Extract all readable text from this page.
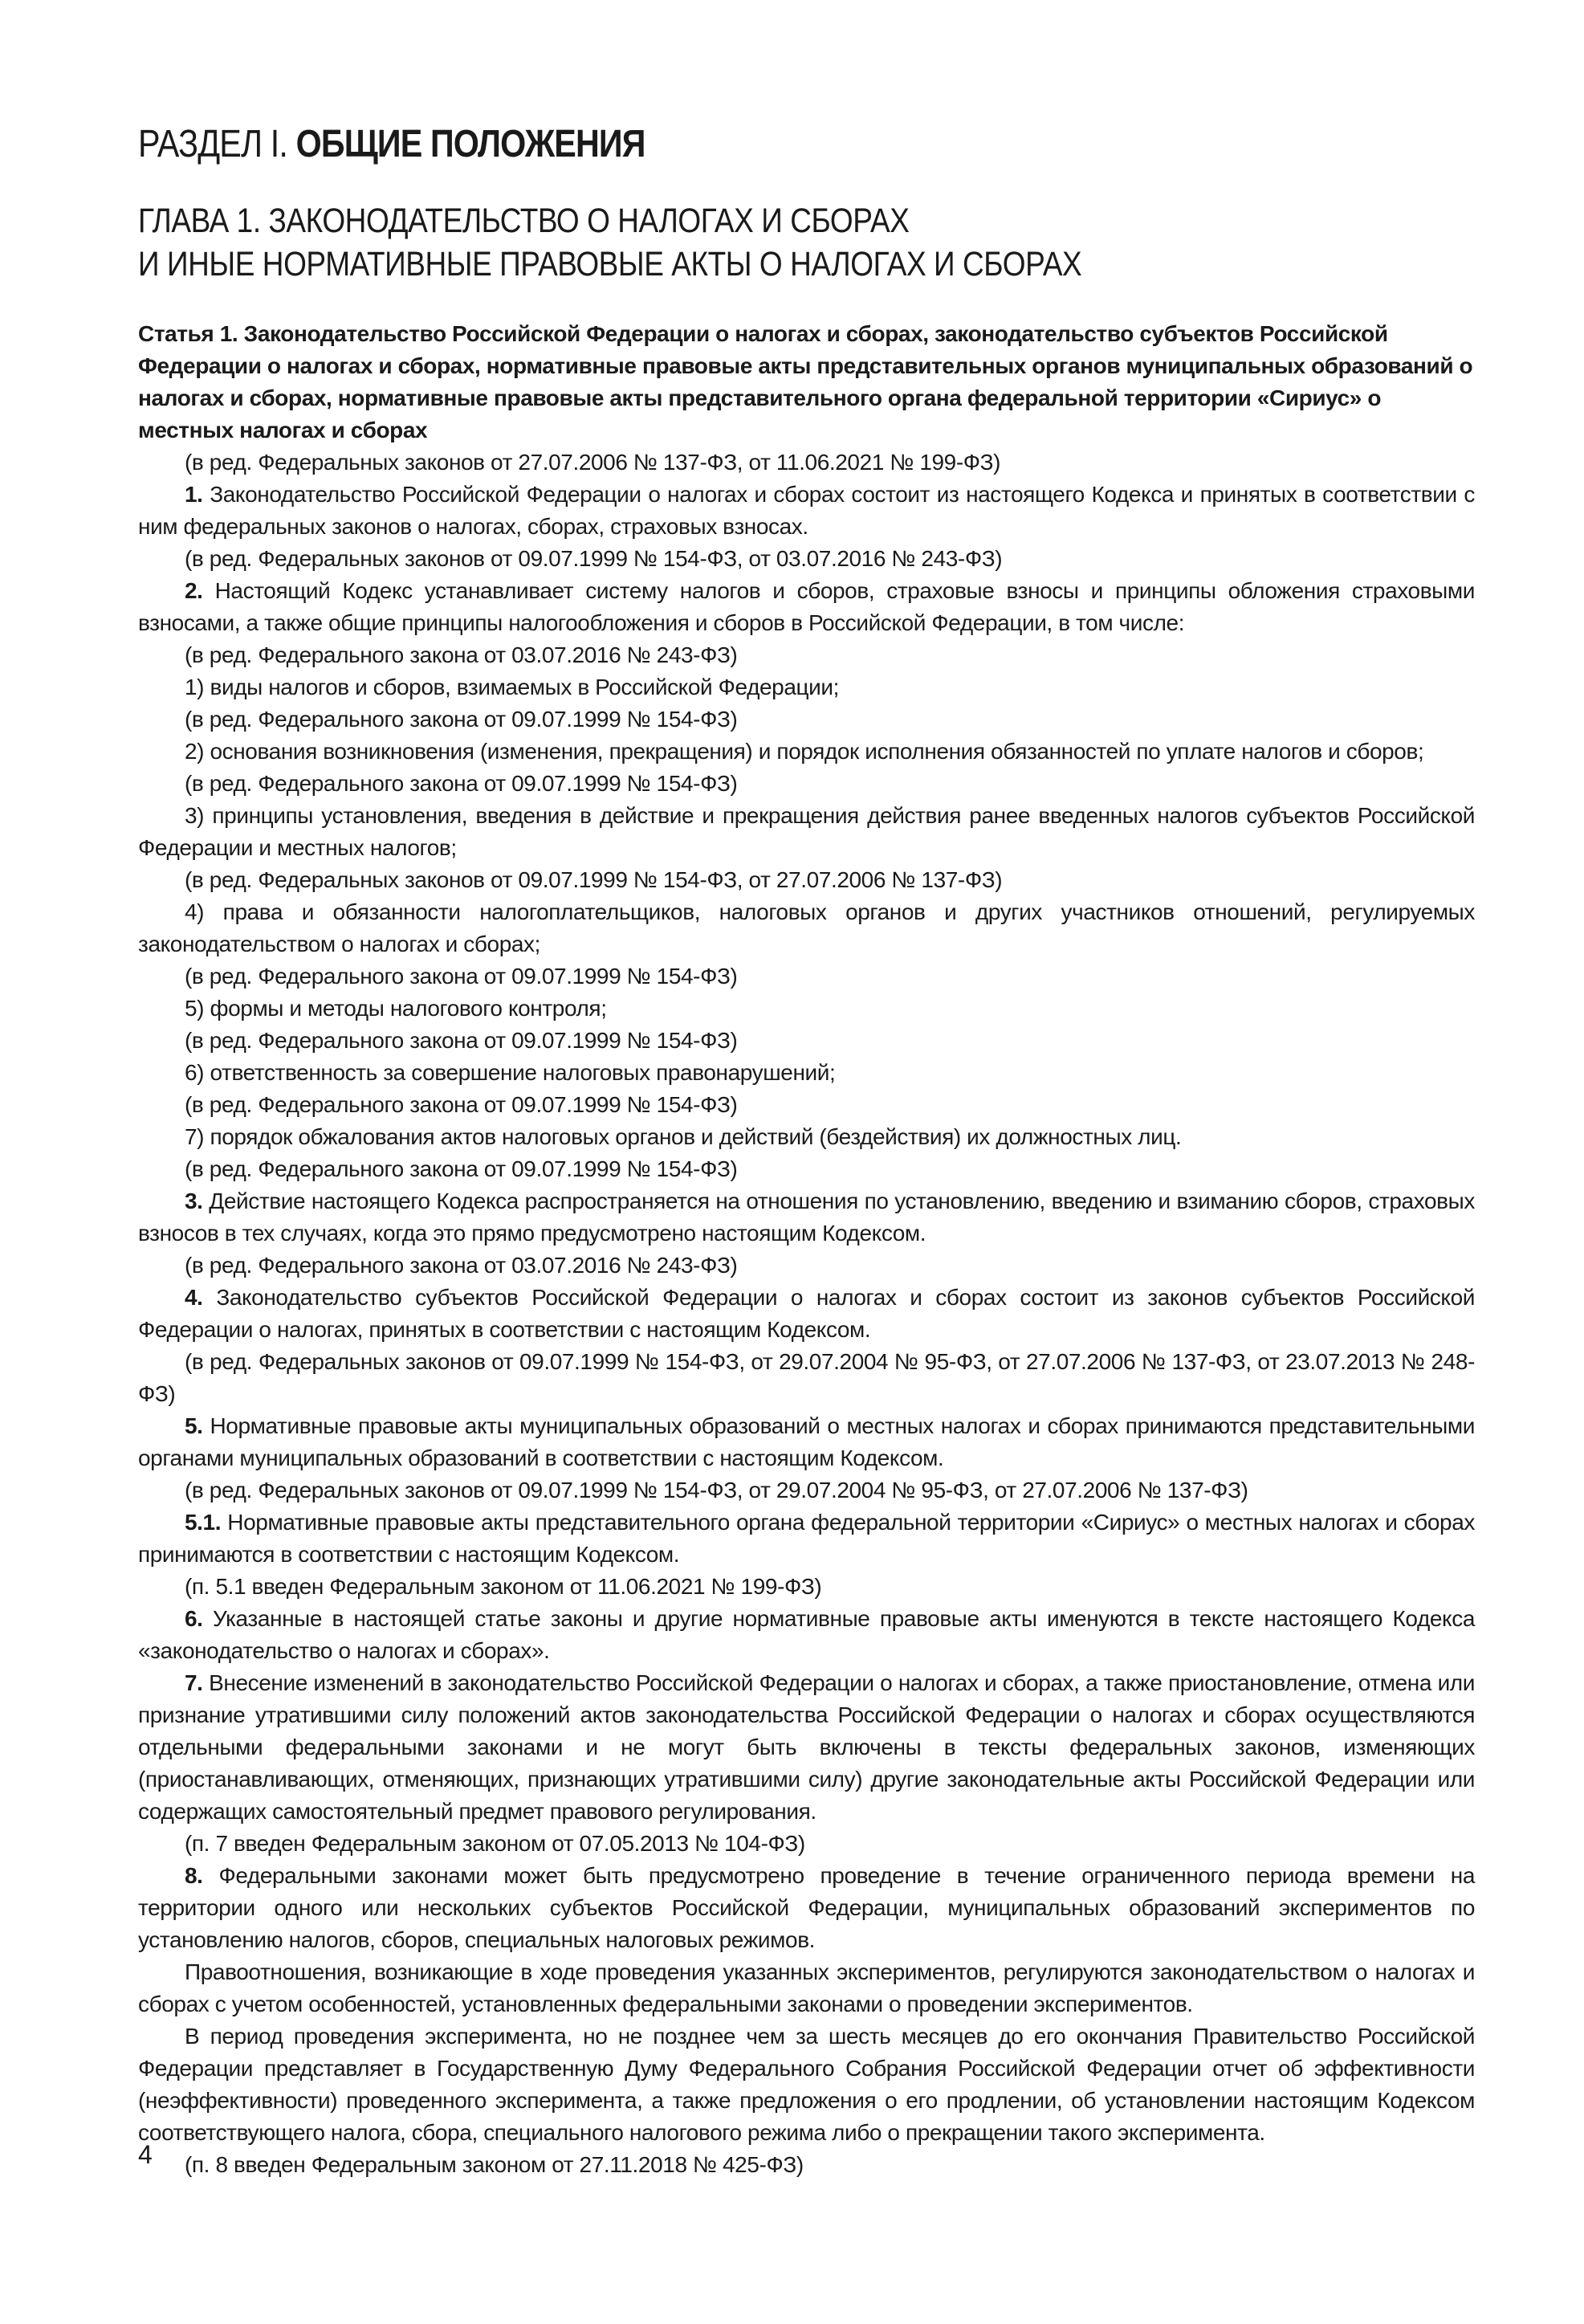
РАЗДЕЛ I. ОБЩИЕ ПОЛОЖЕНИЯ
ГЛАВА 1. ЗАКОНОДАТЕЛЬСТВО О НАЛОГАХ И СБОРАХ
И ИНЫЕ НОРМАТИВНЫЕ ПРАВОВЫЕ АКТЫ О НАЛОГАХ И СБОРАХ
Статья 1. Законодательство Российской Федерации о налогах и сборах, законодательство субъектов Российской Федерации о налогах и сборах, нормативные правовые акты представительных органов муниципальных образований о налогах и сборах, нормативные правовые акты представительного органа федеральной территории «Сириус» о местных налогах и сборах
(в ред. Федеральных законов от 27.07.2006 № 137-ФЗ, от 11.06.2021 № 199-ФЗ)
1. Законодательство Российской Федерации о налогах и сборах состоит из настоящего Кодекса и принятых в соответствии с ним федеральных законов о налогах, сборах, страховых взносах.
(в ред. Федеральных законов от 09.07.1999 № 154-ФЗ, от 03.07.2016 № 243-ФЗ)
2. Настоящий Кодекс устанавливает систему налогов и сборов, страховые взносы и принципы обложения страховыми взносами, а также общие принципы налогообложения и сборов в Российской Федерации, в том числе:
(в ред. Федерального закона от 03.07.2016 № 243-ФЗ)
1) виды налогов и сборов, взимаемых в Российской Федерации;
(в ред. Федерального закона от 09.07.1999 № 154-ФЗ)
2) основания возникновения (изменения, прекращения) и порядок исполнения обязанностей по уплате налогов и сборов;
(в ред. Федерального закона от 09.07.1999 № 154-ФЗ)
3) принципы установления, введения в действие и прекращения действия ранее введенных налогов субъектов Российской Федерации и местных налогов;
(в ред. Федеральных законов от 09.07.1999 № 154-ФЗ, от 27.07.2006 № 137-ФЗ)
4) права и обязанности налогоплательщиков, налоговых органов и других участников отношений, регулируемых законодательством о налогах и сборах;
(в ред. Федерального закона от 09.07.1999 № 154-ФЗ)
5) формы и методы налогового контроля;
(в ред. Федерального закона от 09.07.1999 № 154-ФЗ)
6) ответственность за совершение налоговых правонарушений;
(в ред. Федерального закона от 09.07.1999 № 154-ФЗ)
7) порядок обжалования актов налоговых органов и действий (бездействия) их должностных лиц.
(в ред. Федерального закона от 09.07.1999 № 154-ФЗ)
3. Действие настоящего Кодекса распространяется на отношения по установлению, введению и взиманию сборов, страховых взносов в тех случаях, когда это прямо предусмотрено настоящим Кодексом.
(в ред. Федерального закона от 03.07.2016 № 243-ФЗ)
4. Законодательство субъектов Российской Федерации о налогах и сборах состоит из законов субъектов Российской Федерации о налогах, принятых в соответствии с настоящим Кодексом.
(в ред. Федеральных законов от 09.07.1999 № 154-ФЗ, от 29.07.2004 № 95-ФЗ, от 27.07.2006 № 137-ФЗ, от 23.07.2013 № 248-ФЗ)
5. Нормативные правовые акты муниципальных образований о местных налогах и сборах принимаются представительными органами муниципальных образований в соответствии с настоящим Кодексом.
(в ред. Федеральных законов от 09.07.1999 № 154-ФЗ, от 29.07.2004 № 95-ФЗ, от 27.07.2006 № 137-ФЗ)
5.1. Нормативные правовые акты представительного органа федеральной территории «Сириус» о местных налогах и сборах принимаются в соответствии с настоящим Кодексом.
(п. 5.1 введен Федеральным законом от 11.06.2021 № 199-ФЗ)
6. Указанные в настоящей статье законы и другие нормативные правовые акты именуются в тексте настоящего Кодекса «законодательство о налогах и сборах».
7. Внесение изменений в законодательство Российской Федерации о налогах и сборах, а также приостановление, отмена или признание утратившими силу положений актов законодательства Российской Федерации о налогах и сборах осуществляются отдельными федеральными законами и не могут быть включены в тексты федеральных законов, изменяющих (приостанавливающих, отменяющих, признающих утратившими силу) другие законодательные акты Российской Федерации или содержащих самостоятельный предмет правового регулирования.
(п. 7 введен Федеральным законом от 07.05.2013 № 104-ФЗ)
8. Федеральными законами может быть предусмотрено проведение в течение ограниченного периода времени на территории одного или нескольких субъектов Российской Федерации, муниципальных образований экспериментов по установлению налогов, сборов, специальных налоговых режимов.
Правоотношения, возникающие в ходе проведения указанных экспериментов, регулируются законодательством о налогах и сборах с учетом особенностей, установленных федеральными законами о проведении экспериментов.
В период проведения эксперимента, но не позднее чем за шесть месяцев до его окончания Правительство Российской Федерации представляет в Государственную Думу Федерального Собрания Российской Федерации отчет об эффективности (неэффективности) проведенного эксперимента, а также предложения о его продлении, об установлении настоящим Кодексом соответствующего налога, сбора, специального налогового режима либо о прекращении такого эксперимента.
(п. 8 введен Федеральным законом от 27.11.2018 № 425-ФЗ)
4
